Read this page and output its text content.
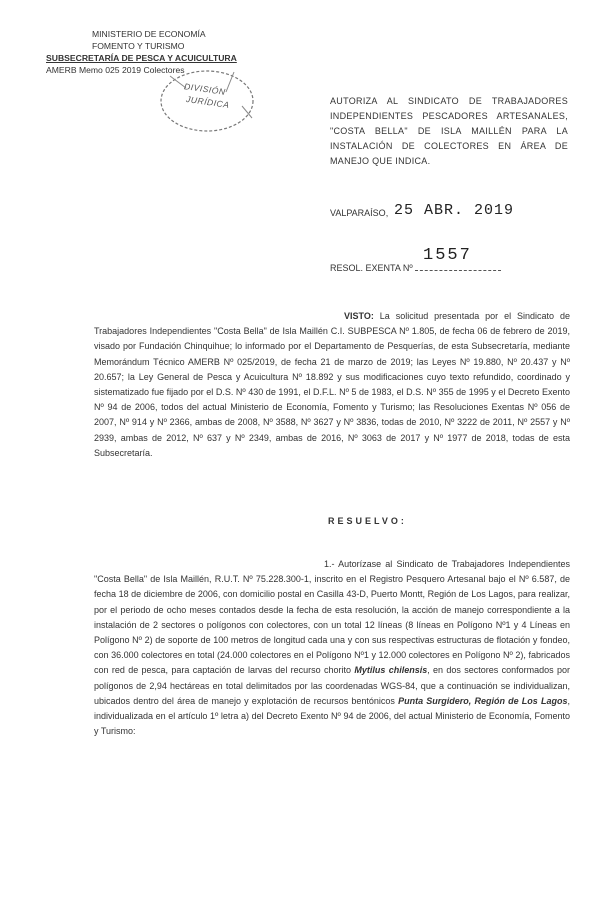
MINISTERIO DE ECONOMÍA
FOMENTO Y TURISMO
SUBSECRETARÍA DE PESCA Y ACUICULTURA
AMERB Memo 025 2019 Colectores
DIVISIÓN
JURÍDICA	AUTORIZA AL SINDICATO DE TRABAJADORES INDEPENDIENTES PESCADORES ARTESANALES, "COSTA BELLA" DE ISLA MAILLÉN PARA LA INSTALACIÓN DE COLECTORES EN ÁREA DE MANEJO QUE INDICA.
VALPARAÍSO, 25 ABR. 2019
RESOL. EXENTA Nº
1557
VISTO: La solicitud presentada por el Sindicato de Trabajadores Independientes "Costa Bella" de Isla Maillén C.I. SUBPESCA Nº 1.805, de fecha 06 de febrero de 2019, visado por Fundación Chinquihue; lo informado por el Departamento de Pesquerías, de esta Subsecretaría, mediante Memorándum Técnico AMERB Nº 025/2019, de fecha 21 de marzo de 2019; las Leyes Nº 19.880, Nº 20.437 y Nº 20.657; la Ley General de Pesca y Acuicultura Nº 18.892 y sus modificaciones cuyo texto refundido, coordinado y sistematizado fue fijado por el D.S. Nº 430 de 1991, el D.F.L. Nº 5 de 1983, el D.S. Nº 355 de 1995 y el Decreto Exento Nº 94 de 2006, todos del actual Ministerio de Economía, Fomento y Turismo; las Resoluciones Exentas Nº 056 de 2007, Nº 914 y Nº 2366, ambas de 2008, Nº 3588, Nº 3627 y Nº 3836, todas de 2010, Nº 3222 de 2011, Nº 2557 y Nº 2939, ambas de 2012, Nº 637 y Nº 2349, ambas de 2016, Nº 3063 de 2017 y Nº 1977 de 2018, todas de esta Subsecretaría.
RESUELVO:
1.- Autorízase al Sindicato de Trabajadores Independientes "Costa Bella" de Isla Maillén, R.U.T. Nº 75.228.300-1, inscrito en el Registro Pesquero Artesanal bajo el Nº 6.587, de fecha 18 de diciembre de 2006, con domicilio postal en Casilla 43-D, Puerto Montt, Región de Los Lagos, para realizar, por el periodo de ocho meses contados desde la fecha de esta resolución, la acción de manejo correspondiente a la instalación de 2 sectores o polígonos con colectores, con un total 12 líneas (8 líneas en Polígono Nº1 y 4 Líneas en Polígono Nº 2) de soporte de 100 metros de longitud cada una y con sus respectivas estructuras de flotación y fondeo, con 36.000 colectores en total (24.000 colectores en el Polígono Nº1 y 12.000 colectores en Polígono Nº 2), fabricados con red de pesca, para captación de larvas del recurso chorito Mytilus chilensis, en dos sectores conformados por polígonos de 2,94 hectáreas en total delimitados por las coordenadas WGS-84, que a continuación se individualizan, ubicados dentro del área de manejo y explotación de recursos bentónicos Punta Surgidero, Región de Los Lagos, individualizada en el artículo 1º letra a) del Decreto Exento Nº 94 de 2006, del actual Ministerio de Economía, Fomento y Turismo:
